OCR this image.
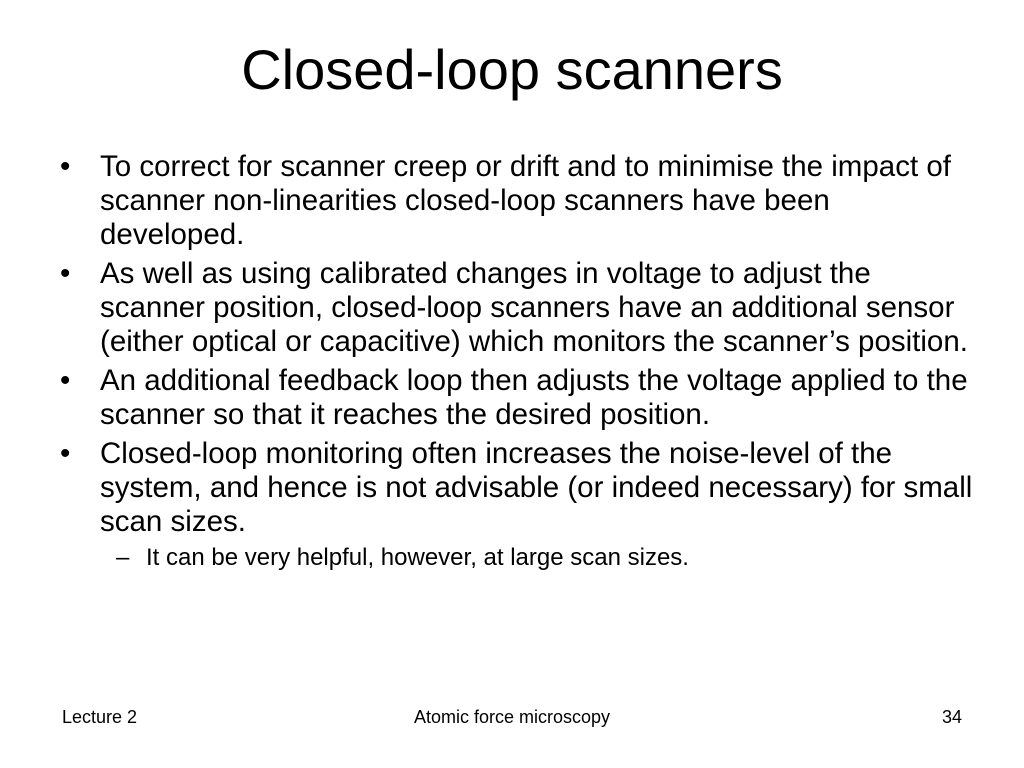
Closed-loop scanners
• To correct for scanner creep or drift and to minimise the impact of scanner non-linearities closed-loop scanners have been developed.
• As well as using calibrated changes in voltage to adjust the scanner position, closed-loop scanners have an additional sensor (either optical or capacitive) which monitors the scanner’s position.
• An additional feedback loop then adjusts the voltage applied to the scanner so that it reaches the desired position.
• Closed-loop monitoring often increases the noise-level of the system, and hence is not advisable (or indeed necessary) for small scan sizes.
– It can be very helpful, however, at large scan sizes.
Lecture 2	Atomic force microscopy	34
